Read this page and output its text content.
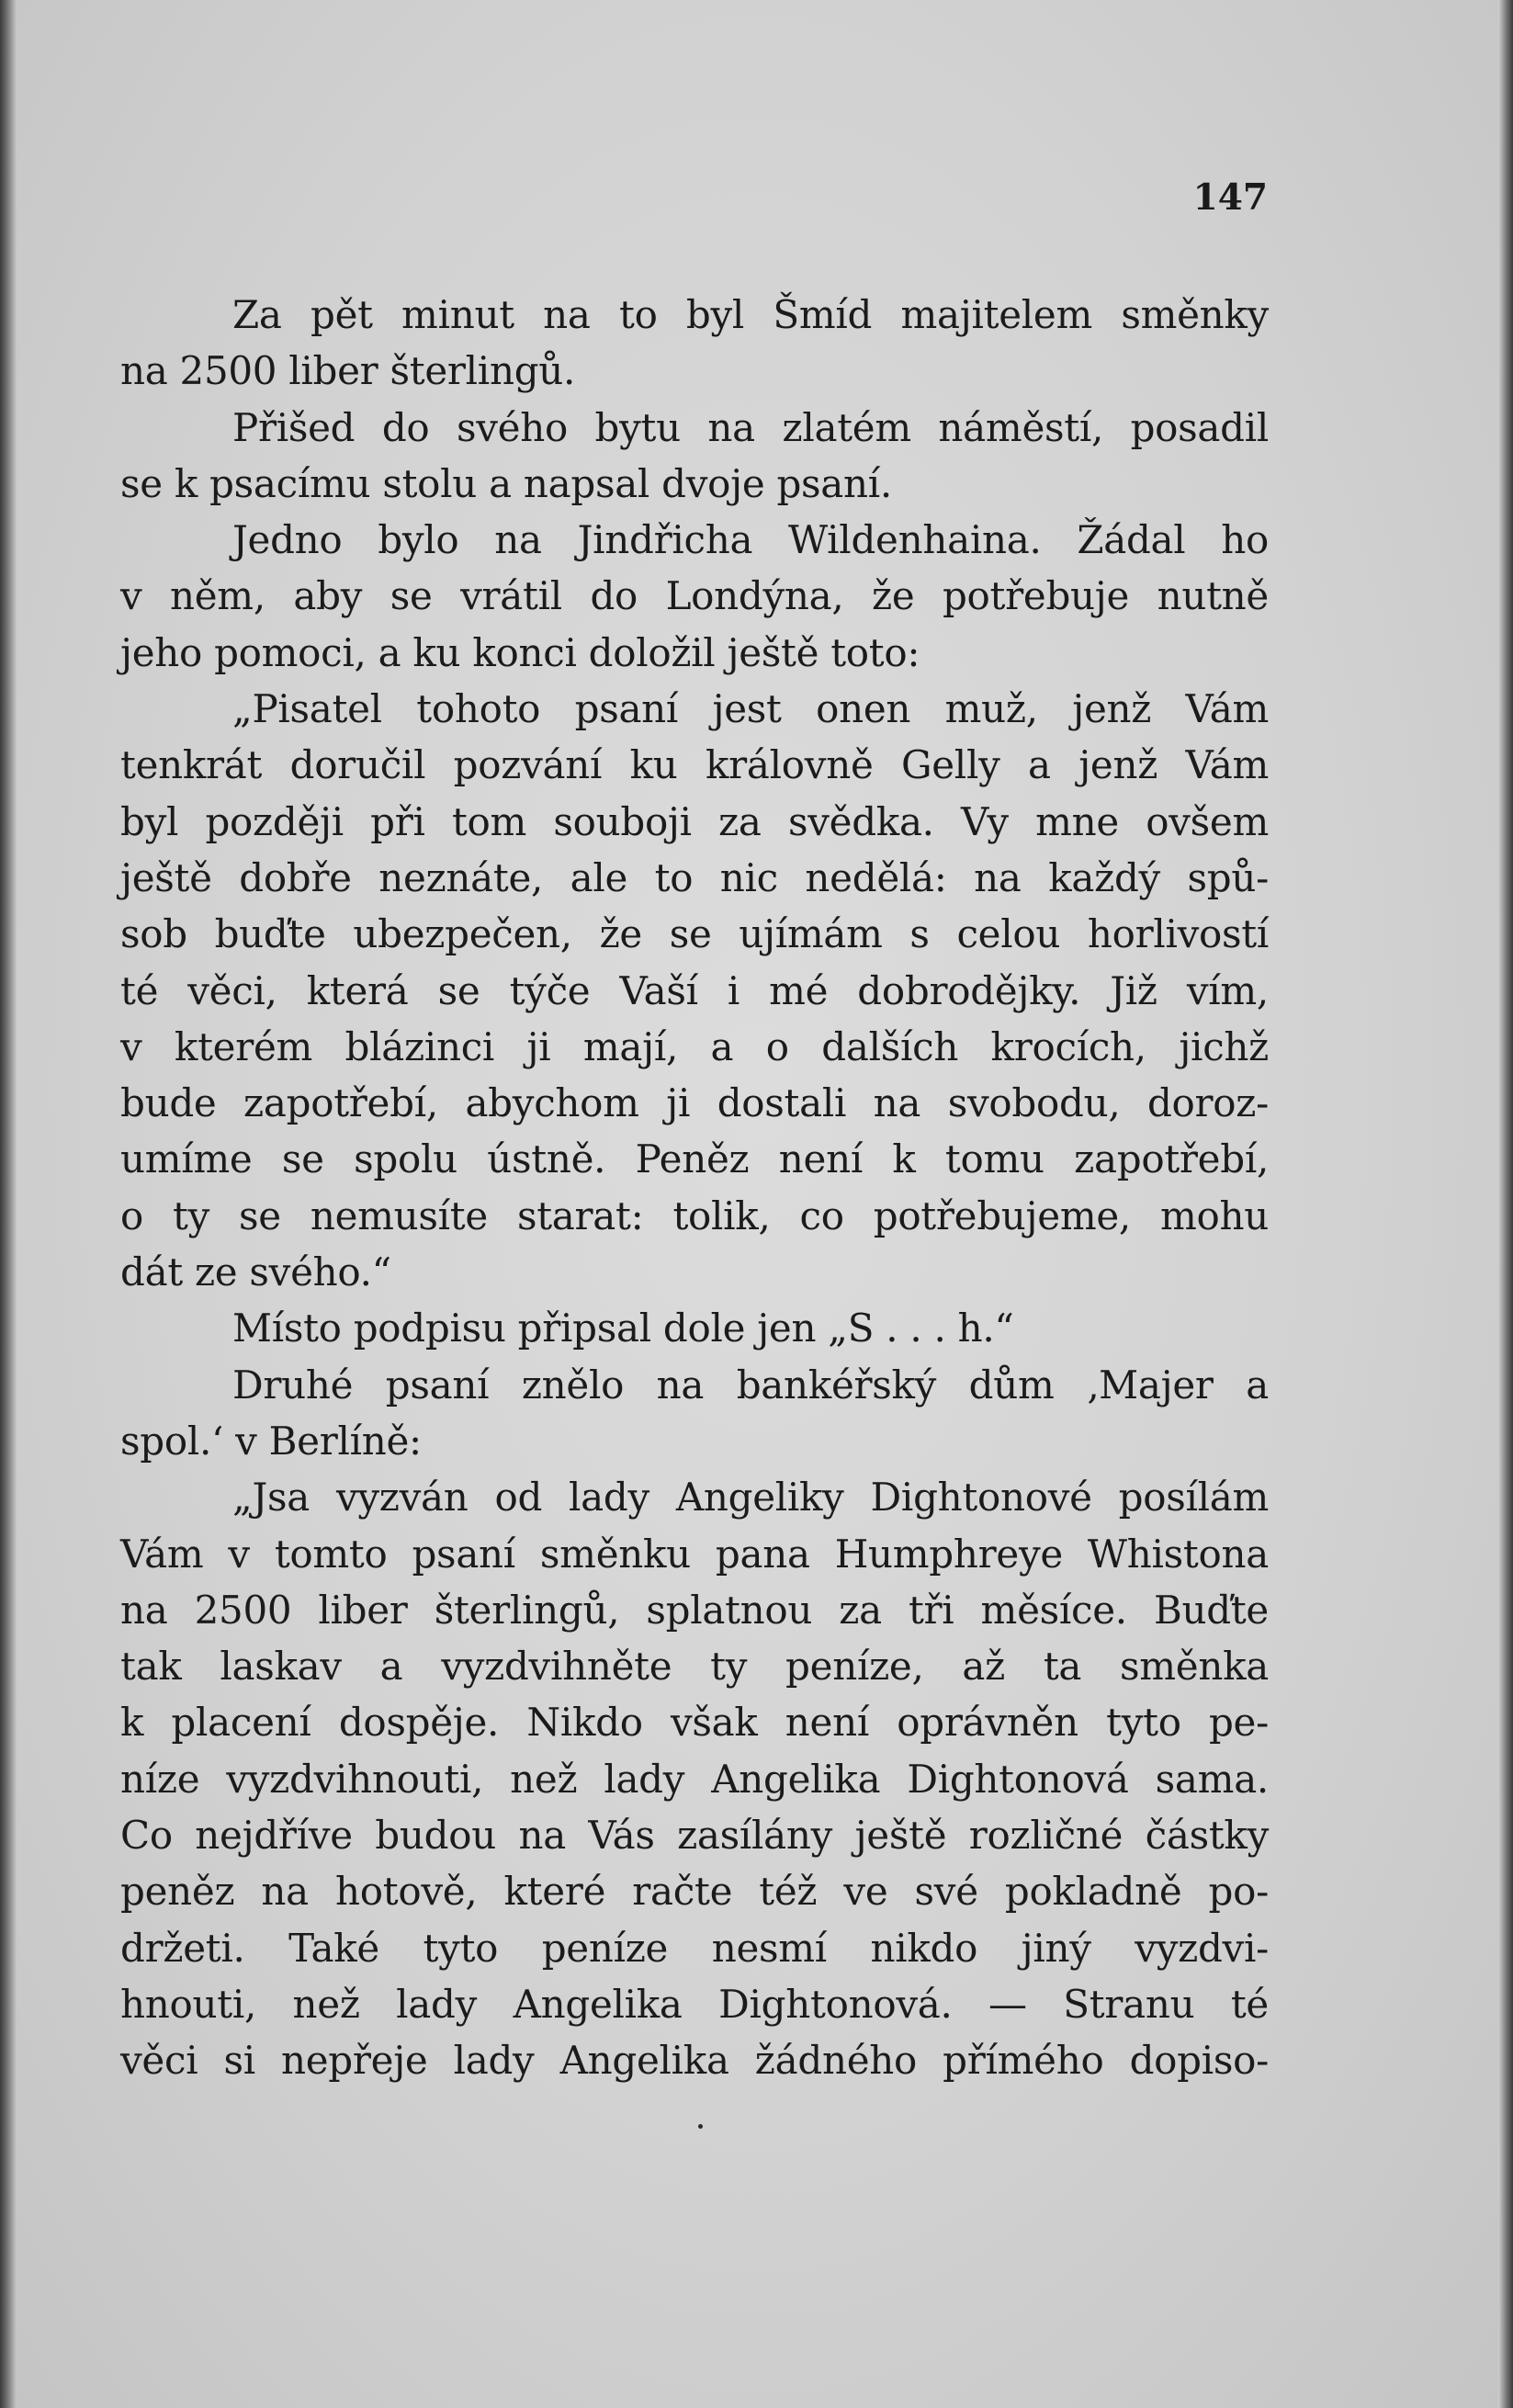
147
Za pět minut na to byl Šmíd majitelem směnky
na 2500 liber šterlingů.
Přišed do svého bytu na zlatém náměstí, posadil
se k psacímu stolu a napsal dvoje psaní.
Jedno bylo na Jindřicha Wildenhaina. Žádal ho
v něm, aby se vrátil do Londýna, že potřebuje nutně
jeho pomoci, a ku konci doložil ještě toto:
„Pisatel tohoto psaní jest onen muž, jenž Vám
tenkrát doručil pozvání ku královně Gelly a jenž Vám
byl později při tom souboji za svědka. Vy mne ovšem
ještě dobře neznáte, ale to nic nedělá: na každý spů-
sob buďte ubezpečen, že se ujímám s celou horlivostí
té věci, která se týče Vaší i mé dobrodějky. Již vím,
v kterém blázinci ji mají, a o dalších krocích, jichž
bude zapotřebí, abychom ji dostali na svobodu, doroz-
umíme se spolu ústně. Peněz není k tomu zapotřebí,
o ty se nemusíte starat: tolik, co potřebujeme, mohu
dát ze svého.“
Místo podpisu připsal dole jen „S . . . h.“
Druhé psaní znělo na bankéřský dům ‚Majer a
spol.‘ v Berlíně:
„Jsa vyzván od lady Angeliky Dightonové posílám
Vám v tomto psaní směnku pana Humphreye Whistona
na 2500 liber šterlingů, splatnou za tři měsíce. Buďte
tak laskav a vyzdvihněte ty peníze, až ta směnka
k placení dospěje. Nikdo však není oprávněn tyto pe-
níze vyzdvihnouti, než lady Angelika Dightonová sama.
Co nejdříve budou na Vás zasílány ještě rozličné částky
peněz na hotově, které račte též ve své pokladně po-
držeti. Také tyto peníze nesmí nikdo jiný vyzdvi-
hnouti, než lady Angelika Dightonová. — Stranu té
věci si nepřeje lady Angelika žádného přímého dopiso-
